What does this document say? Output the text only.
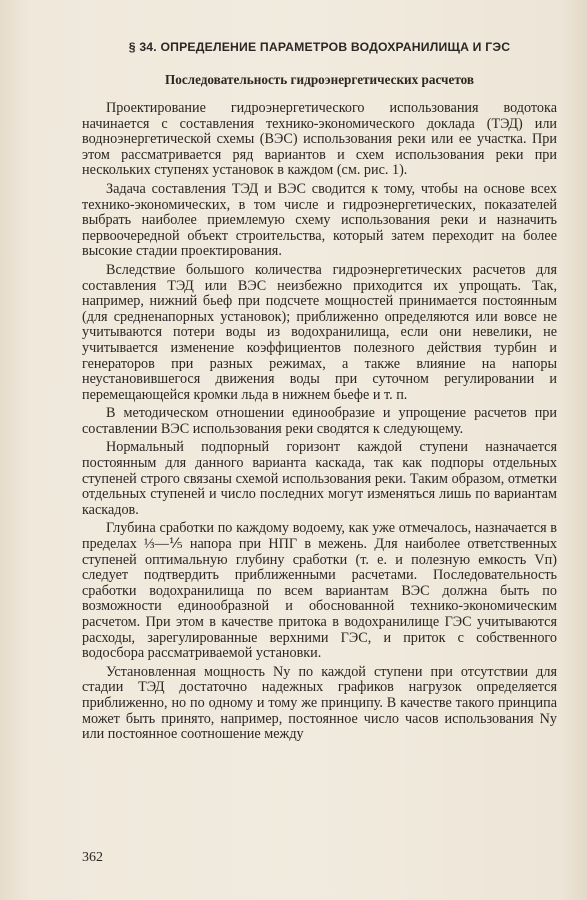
§ 34. ОПРЕДЕЛЕНИЕ ПАРАМЕТРОВ ВОДОХРАНИЛИЩА И ГЭС
Последовательность гидроэнергетических расчетов

Проектирование гидроэнергетического использования водотока начинается с составления технико-экономического доклада (ТЭД) или водноэнергетической схемы (ВЭС) использования реки или ее участка. При этом рассматривается ряд вариантов и схем использования реки при нескольких ступенях установок в каждом (см. рис. 1).

Задача составления ТЭД и ВЭС сводится к тому, чтобы на основе всех технико-экономических, в том числе и гидроэнергетических, показателей выбрать наиболее приемлемую схему использования реки и назначить первоочередной объект строительства, который затем переходит на более высокие стадии проектирования.

Вследствие большого количества гидроэнергетических расчетов для составления ТЭД или ВЭС неизбежно приходится их упрощать. Так, например, нижний бьеф при подсчете мощностей принимается постоянным (для средненапорных установок); приближенно определяются или вовсе не учитываются потери воды из водохранилища, если они невелики, не учитывается изменение коэффициентов полезного действия турбин и генераторов при разных режимах, а также влияние на напоры неустановившегося движения воды при суточном регулировании и перемещающейся кромки льда в нижнем бьефе и т. п.

В методическом отношении единообразие и упрощение расчетов при составлении ВЭС использования реки сводятся к следующему.

Нормальный подпорный горизонт каждой ступени назначается постоянным для данного варианта каскада, так как подпоры отдельных ступеней строго связаны схемой использования реки. Таким образом, отметки отдельных ступеней и число последних могут изменяться лишь по вариантам каскадов.

Глубина сработки по каждому водоему, как уже отмечалось, назначается в пределах ⅓—⅕ напора при НПГ в межень. Для наиболее ответственных ступеней оптимальную глубину сработки (т. е. и полезную емкость Vп) следует подтвердить приближенными расчетами. Последовательность сработки водохранилища по всем вариантам ВЭС должна быть по возможности единообразной и обоснованной технико-экономическим расчетом. При этом в качестве притока в водохранилище ГЭС учитываются расходы, зарегулированные верхними ГЭС, и приток с собственного водосбора рассматриваемой установки.

Установленная мощность Nу по каждой ступени при отсутствии для стадии ТЭД достаточно надежных графиков нагрузок определяется приближенно, но по одному и тому же принципу. В качестве такого принципа может быть принято, например, постоянное число часов использования Nу или постоянное соотношение между

362
